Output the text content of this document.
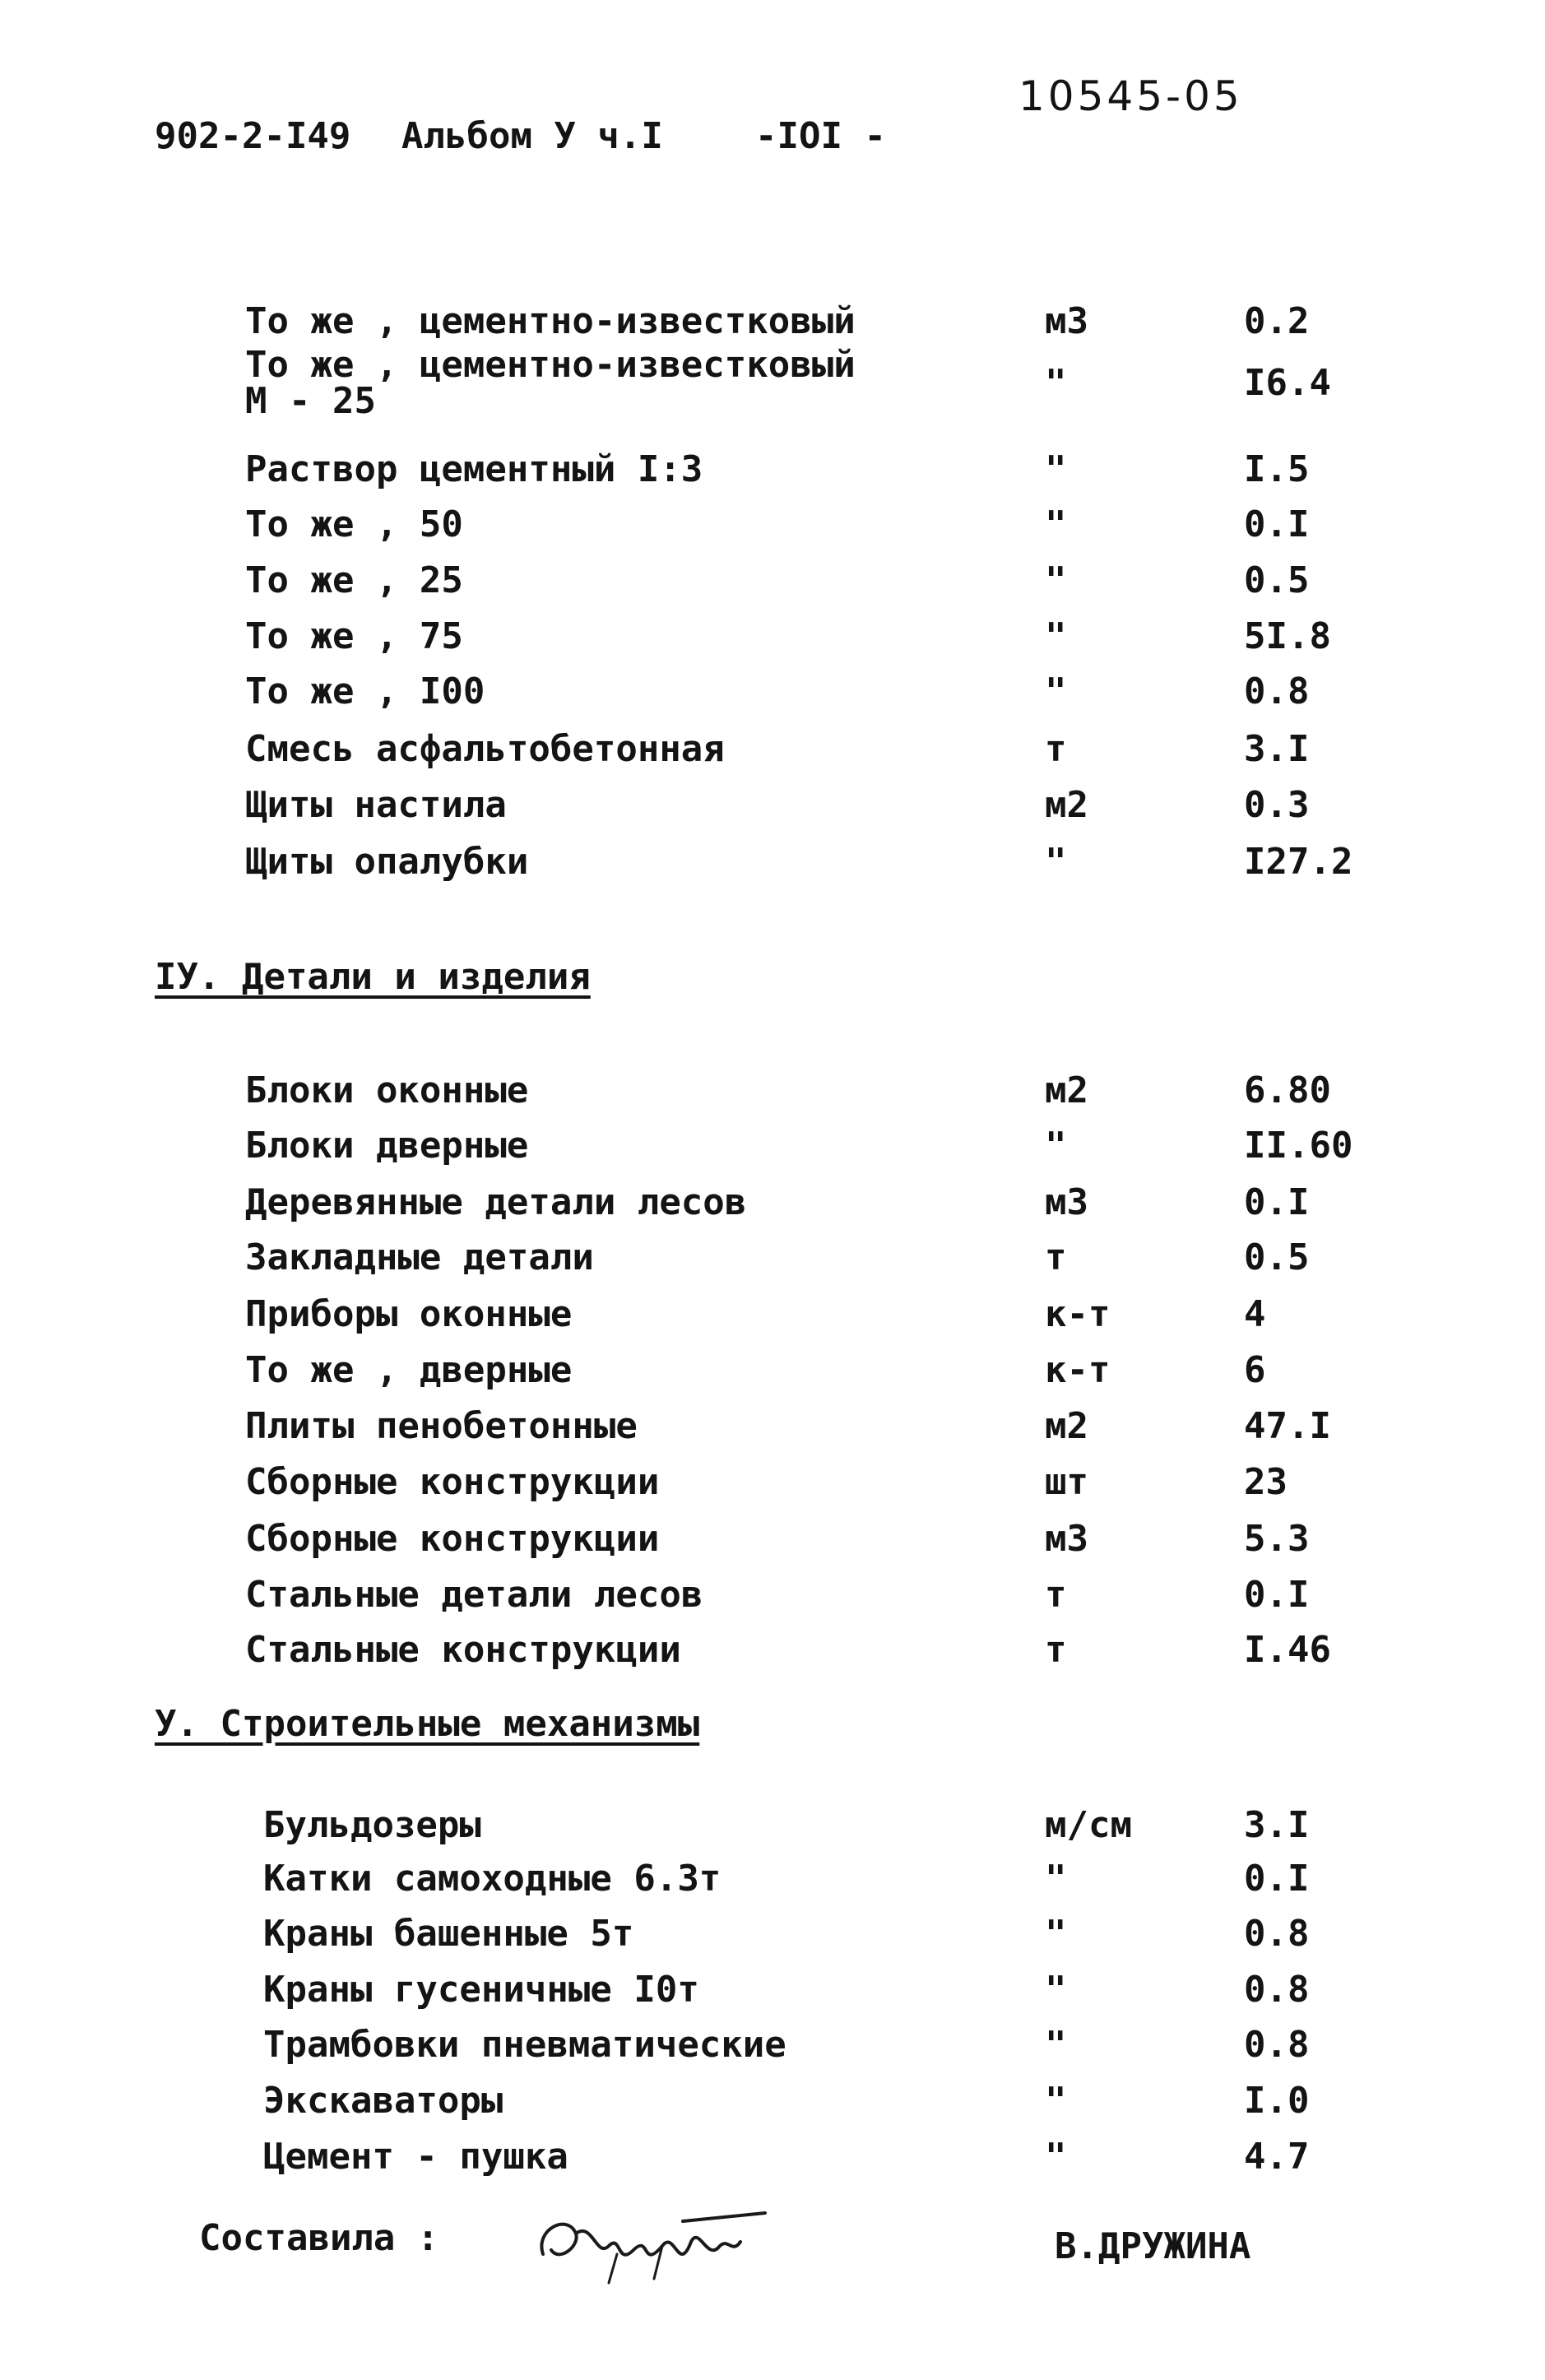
902-2-I49 Альбом У ч.I	-IОI -
10545-05
То же , цементно-известковый	м3	0.2
То же , цементно-известковый
М - 25	"	I6.4
Раствор цементный I:3	"	I.5
То же , 50	"	0.I
То же , 25	"	0.5
То же , 75	"	5I.8
То же , I00	"	0.8
Смесь асфальтобетонная	т	3.I
Щиты настила	м2	0.3
Щиты опалубки	"	I27.2
IУ. Детали и изделия
Блоки оконные	м2	6.80
Блоки дверные	"	II.60
Деревянные детали лесов	м3	0.I
Закладные детали	т	0.5
Приборы оконные	к-т	4
То же , дверные	к-т	6
Плиты пенобетонные	м2	47.I
Сборные конструкции	шт	23
Сборные конструкции	м3	5.3
Стальные детали лесов	т	0.I
Стальные конструкции	т	I.46
У. Строительные механизмы
Бульдозеры	м/см	3.I
Катки самоходные 6.3т	"	0.I
Краны башенные 5т	"	0.8
Краны гусеничные I0т	"	0.8
Трамбовки пневматические	"	0.8
Экскаваторы	"	I.0
Цемент - пушка	"	4.7
Составила :	В.ДРУЖИНА
